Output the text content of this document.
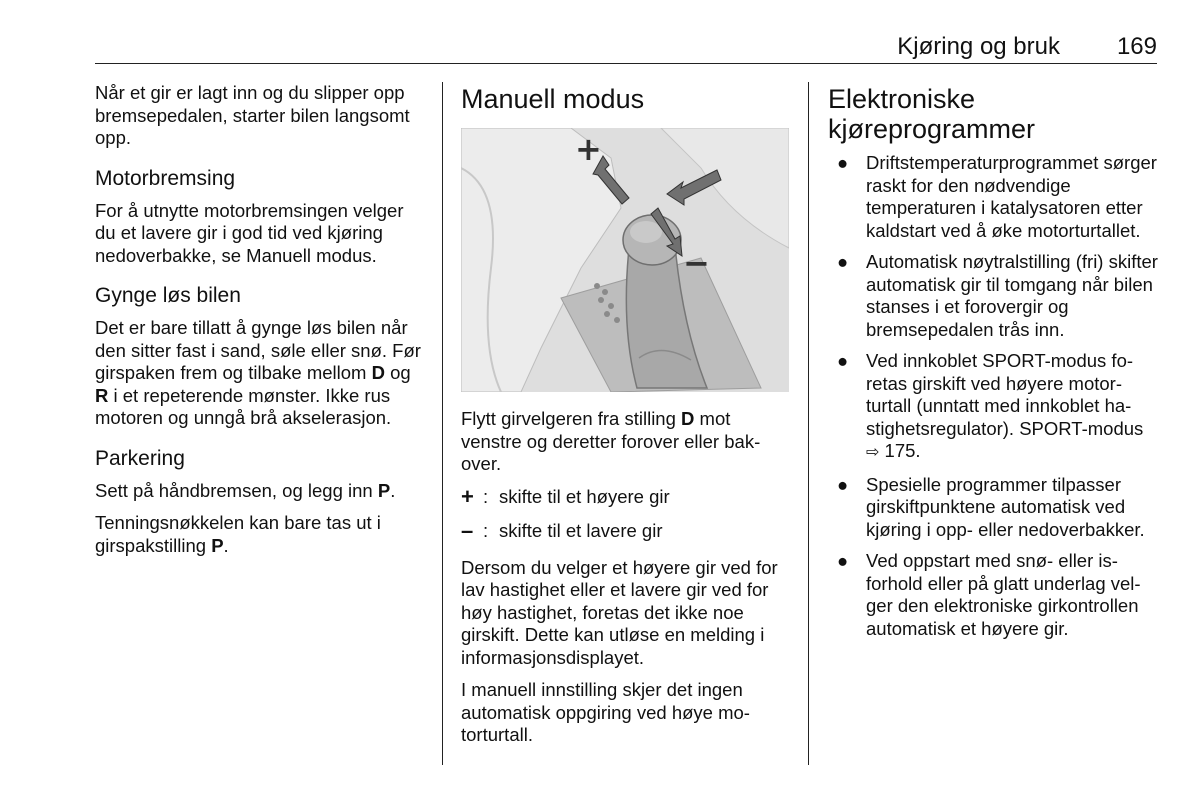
Kjøring og bruk 169

Når et gir er lagt inn og du slipper opp bremsepedalen, starter bilen langsomt opp.

Motorbremsing

For å utnytte motorbremsingen velger du et lavere gir i god tid ved kjøring nedoverbakke, se Manuell modus.

Gynge løs bilen

Det er bare tillatt å gynge løs bilen når den sitter fast i sand, søle eller snø. Før girspaken frem og tilbake mellom D og R i et repeterende mønster. Ikke rus motoren og unngå brå akselerasjon.

Parkering

Sett på håndbremsen, og legg inn P.

Tenningsnøkkelen kan bare tas ut i girspakstilling P.

Manuell modus
+
−

Flytt girvelgeren fra stilling D mot venstre og deretter forover eller bakover.

+ : skifte til et høyere gir
– : skifte til et lavere gir

Dersom du velger et høyere gir ved for lav hastighet eller et lavere gir ved for høy hastighet, foretas det ikke noe girskift. Dette kan utløse en melding i informasjonsdisplayet.

I manuell innstilling skjer det ingen automatisk oppgiring ved høye motorturtall.

Elektroniske
kjøreprogrammer
● Driftstemperaturprogrammet sørger raskt for den nødvendige temperaturen i katalysatoren etter kaldstart ved å øke motorturtallet.
● Automatisk nøytralstilling (fri) skifter automatisk gir til tomgang når bilen stanses i et forovergir og bremsepedalen trås inn.
● Ved innkoblet SPORT-modus foretas girskift ved høyere motorturtall (unntatt med innkoblet hastighetsregulator). SPORT-modus ⇨ 175.
● Spesielle programmer tilpasser girskiftpunktene automatisk ved kjøring i opp- eller nedoverbakker.
● Ved oppstart med snø- eller isforhold eller på glatt underlag velger den elektroniske girkontrollen automatisk et høyere gir.
